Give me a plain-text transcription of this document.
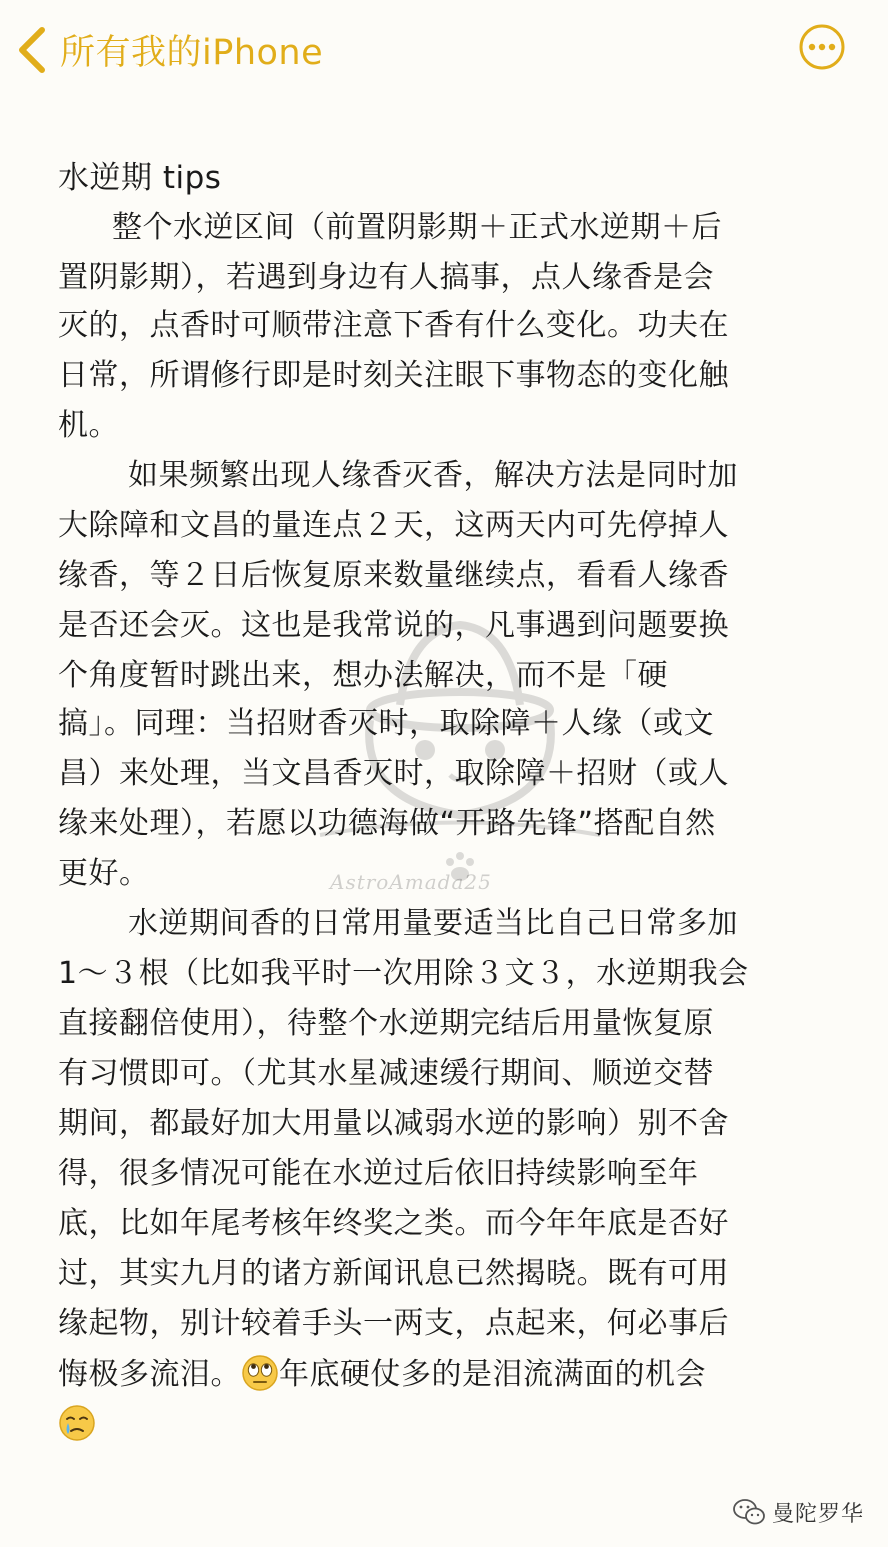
所有我的iPhone
AstroAmada25
水逆期 tips
整个水逆区间（前置阴影期＋正式水逆期＋后
置阴影期），若遇到身边有人搞事，点人缘香是会
灭的，点香时可顺带注意下香有什么变化。功夫在
日常，所谓修行即是时刻关注眼下事物态的变化触
机。
如果频繁出现人缘香灭香，解决方法是同时加
大除障和文昌的量连点２天，这两天内可先停掉人
缘香，等２日后恢复原来数量继续点，看看人缘香
是否还会灭。这也是我常说的，凡事遇到问题要换
个角度暂时跳出来，想办法解决，而不是「硬
搞」。同理：当招财香灭时，取除障＋人缘（或文
昌）来处理，当文昌香灭时，取除障＋招财（或人
缘来处理），若愿以功德海做“开路先锋”搭配自然
更好。
水逆期间香的日常用量要适当比自己日常多加
1～３根（比如我平时一次用除３文３，水逆期我会
直接翻倍使用），待整个水逆期完结后用量恢复原
有习惯即可。（尤其水星减速缓行期间、顺逆交替
期间，都最好加大用量以减弱水逆的影响）别不舍
得，很多情况可能在水逆过后依旧持续影响至年
底，比如年尾考核年终奖之类。而今年年底是否好
过，其实九月的诸方新闻讯息已然揭晓。既有可用
缘起物，别计较着手头一两支，点起来，何必事后
悔极多流泪。 年底硬仗多的是泪流满面的机会
曼陀罗华
